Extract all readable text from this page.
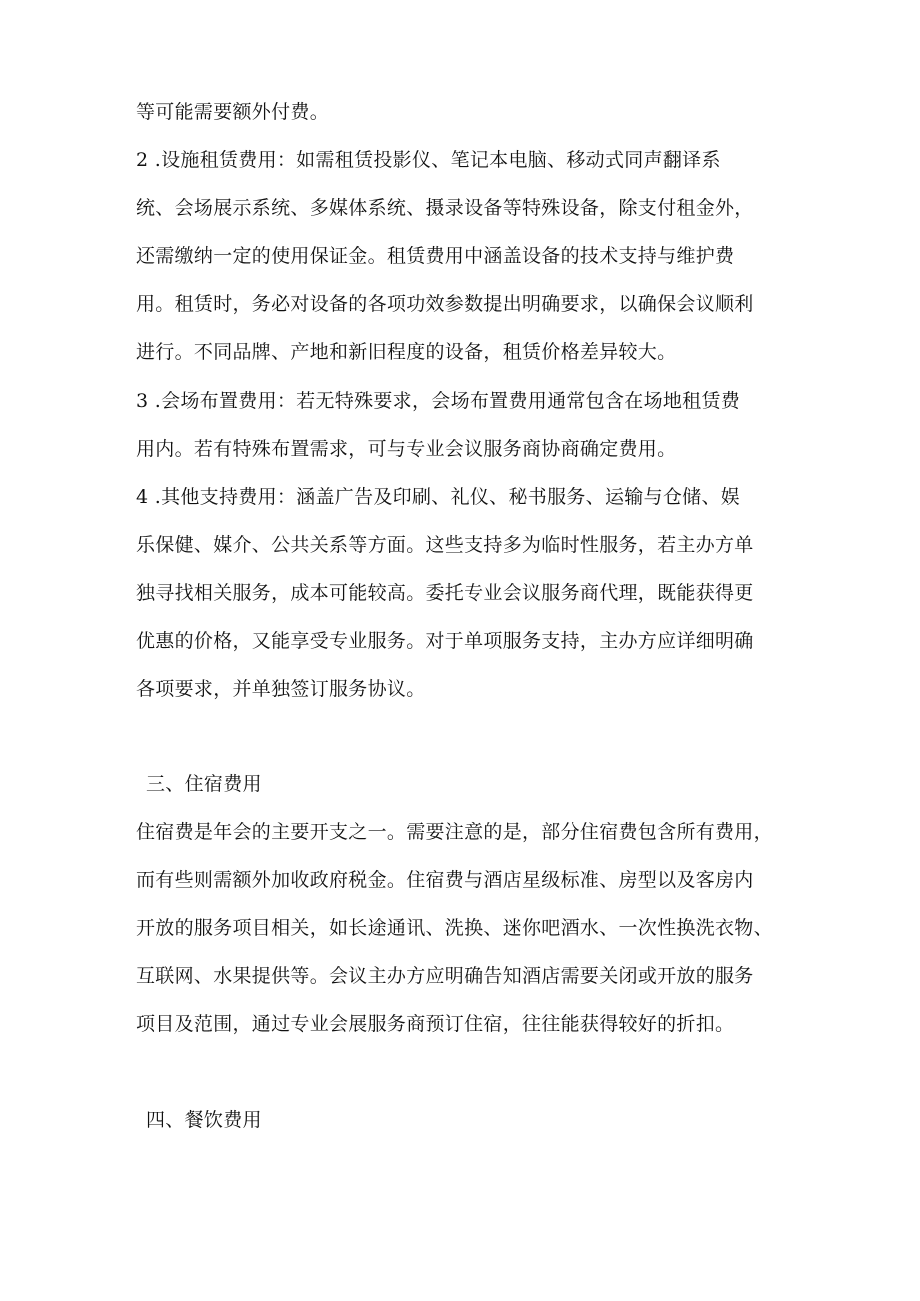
等可能需要额外付费。
2 .设施租赁费用：如需租赁投影仪、笔记本电脑、移动式同声翻译系
统、会场展示系统、多媒体系统、摄录设备等特殊设备，除支付租金外，
还需缴纳一定的使用保证金。租赁费用中涵盖设备的技术支持与维护费
用。租赁时，务必对设备的各项功效参数提出明确要求，以确保会议顺利
进行。不同品牌、产地和新旧程度的设备，租赁价格差异较大。
3 .会场布置费用：若无特殊要求，会场布置费用通常包含在场地租赁费
用内。若有特殊布置需求，可与专业会议服务商协商确定费用。
4 .其他支持费用：涵盖广告及印刷、礼仪、秘书服务、运输与仓储、娱
乐保健、媒介、公共关系等方面。这些支持多为临时性服务，若主办方单
独寻找相关服务，成本可能较高。委托专业会议服务商代理，既能获得更
优惠的价格，又能享受专业服务。对于单项服务支持，主办方应详细明确
各项要求，并单独签订服务协议。
三、住宿费用
住宿费是年会的主要开支之一。需要注意的是，部分住宿费包含所有费用，
而有些则需额外加收政府税金。住宿费与酒店星级标准、房型以及客房内
开放的服务项目相关，如长途通讯、洗换、迷你吧酒水、一次性换洗衣物、
互联网、水果提供等。会议主办方应明确告知酒店需要关闭或开放的服务
项目及范围，通过专业会展服务商预订住宿，往往能获得较好的折扣。
四、餐饮费用
